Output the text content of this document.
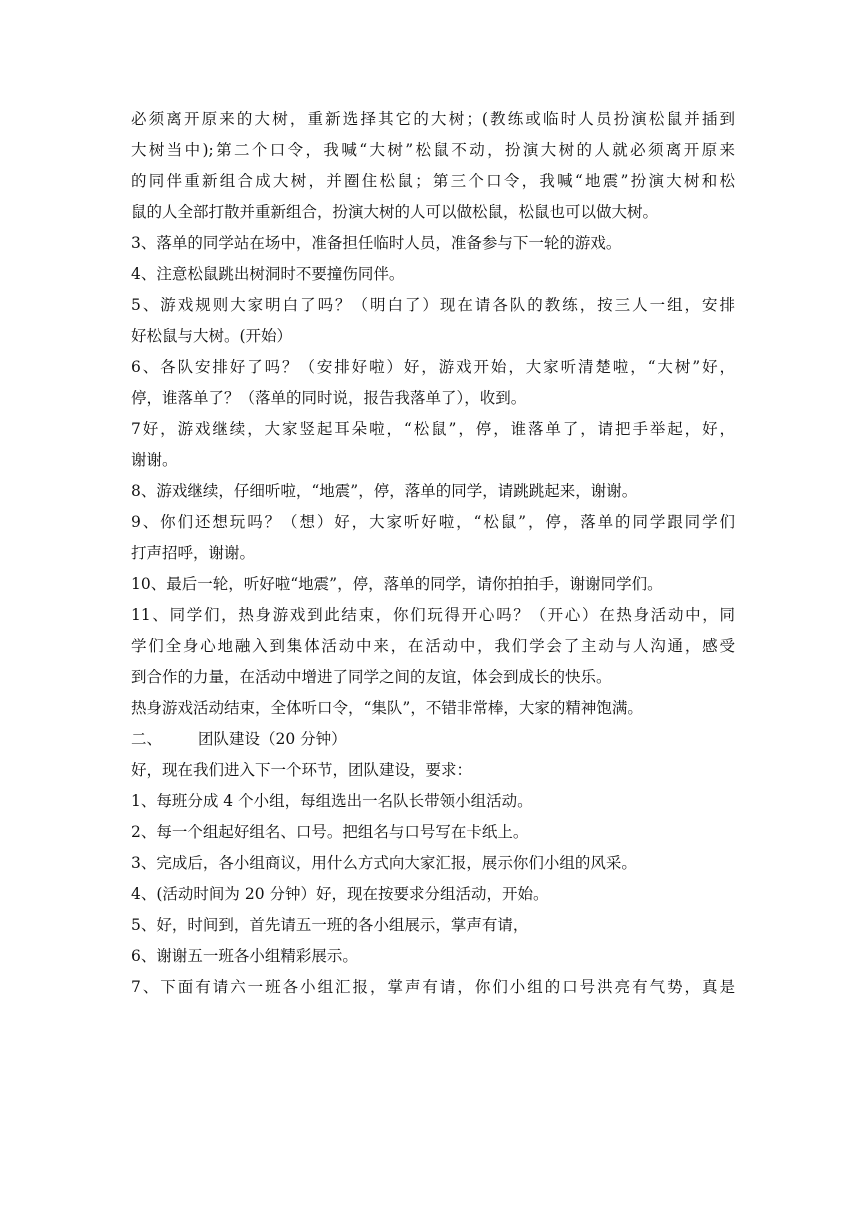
必须离开原来的大树，重新选择其它的大树；(教练或临时人员扮演松鼠并插到
大树当中);第二个口令，我喊“大树”松鼠不动，扮演大树的人就必须离开原来
的同伴重新组合成大树，并圈住松鼠；第三个口令，我喊“地震”扮演大树和松
鼠的人全部打散并重新组合，扮演大树的人可以做松鼠，松鼠也可以做大树。
3、落单的同学站在场中，准备担任临时人员，准备参与下一轮的游戏。
4、注意松鼠跳出树洞时不要撞伤同伴。
5、游戏规则大家明白了吗？（明白了）现在请各队的教练，按三人一组，安排
好松鼠与大树。(开始）
6、各队安排好了吗？（安排好啦）好，游戏开始，大家听清楚啦，“大树”好，
停，谁落单了？（落单的同时说，报告我落单了），收到。
7好，游戏继续，大家竖起耳朵啦，“松鼠”，停，谁落单了，请把手举起，好，
谢谢。
8、游戏继续，仔细听啦，“地震”，停，落单的同学，请跳跳起来，谢谢。
9、你们还想玩吗？（想）好，大家听好啦，“松鼠”，停，落单的同学跟同学们
打声招呼，谢谢。
10、最后一轮，听好啦“地震”，停，落单的同学，请你拍拍手，谢谢同学们。
11、同学们，热身游戏到此结束，你们玩得开心吗？（开心）在热身活动中，同
学们全身心地融入到集体活动中来，在活动中，我们学会了主动与人沟通，感受
到合作的力量，在活动中增进了同学之间的友谊，体会到成长的快乐。
热身游戏活动结束，全体听口令，“集队”，不错非常棒，大家的精神饱满。
二、 团队建设（20 分钟）
好，现在我们进入下一个环节，团队建设，要求：
1、每班分成 4 个小组，每组选出一名队长带领小组活动。
2、每一个组起好组名、口号。把组名与口号写在卡纸上。
3、完成后，各小组商议，用什么方式向大家汇报，展示你们小组的风采。
4、(活动时间为 20 分钟）好，现在按要求分组活动，开始。
5、好，时间到，首先请五一班的各小组展示，掌声有请，
6、谢谢五一班各小组精彩展示。
7、下面有请六一班各小组汇报，掌声有请，你们小组的口号洪亮有气势，真是
